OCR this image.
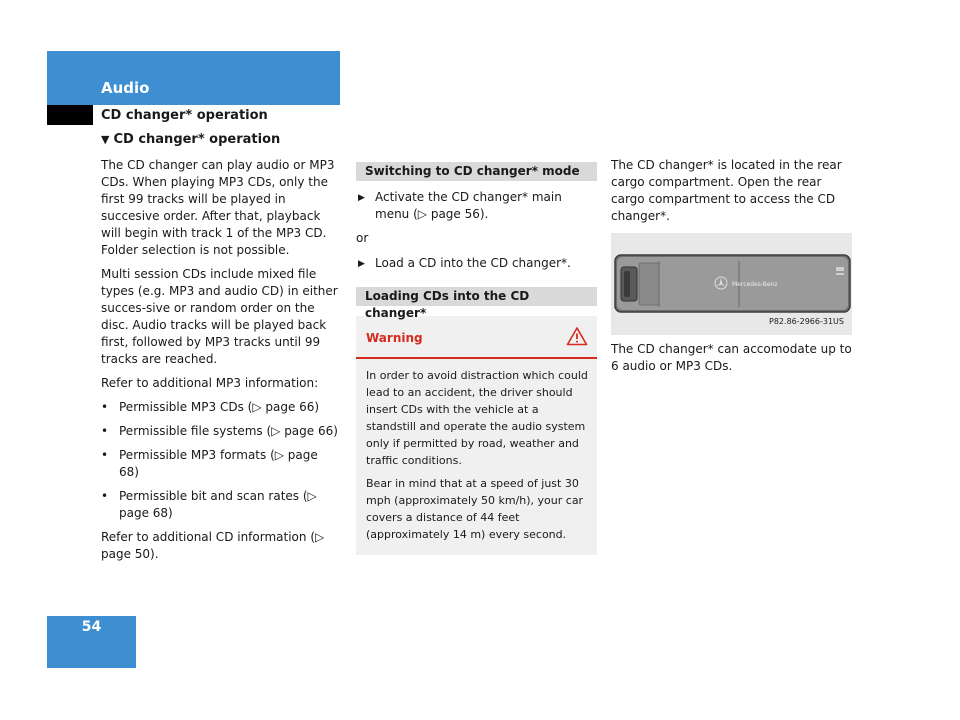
Audio
CD changer* operation
▼ CD changer* operation

The CD changer can play audio or MP3 CDs. When playing MP3 CDs, only the first 99 tracks will be played in succesive order. After that, playback will begin with track 1 of the MP3 CD. Folder selection is not possible.

Multi session CDs include mixed file types (e.g. MP3 and audio CD) in either succes-sive or random order on the disc. Audio tracks will be played back first, followed by MP3 tracks until 99 tracks are reached.

Refer to additional MP3 information:

• Permissible MP3 CDs (▷ page 66)
• Permissible file systems (▷ page 66)
• Permissible MP3 formats (▷ page 68)
• Permissible bit and scan rates (▷ page 68)

Refer to additional CD information (▷ page 50).

Switching to CD changer* mode
▶ Activate the CD changer* main menu (▷ page 56).

or

▶ Load a CD into the CD changer*.
Loading CDs into the CD changer*
Warning

In order to avoid distraction which could lead to an accident, the driver should insert CDs with the vehicle at a standstill and operate the audio system only if permitted by road, weather and traffic conditions.

Bear in mind that at a speed of just 30 mph (approximately 50 km/h), your car covers a distance of 44 feet (approximately 14 m) every second.

The CD changer* is located in the rear cargo compartment. Open the rear cargo compartment to access the CD changer*.

Mercedes-Benz
P82.86-2966-31US

The CD changer* can accomodate up to 6 audio or MP3 CDs.

54
